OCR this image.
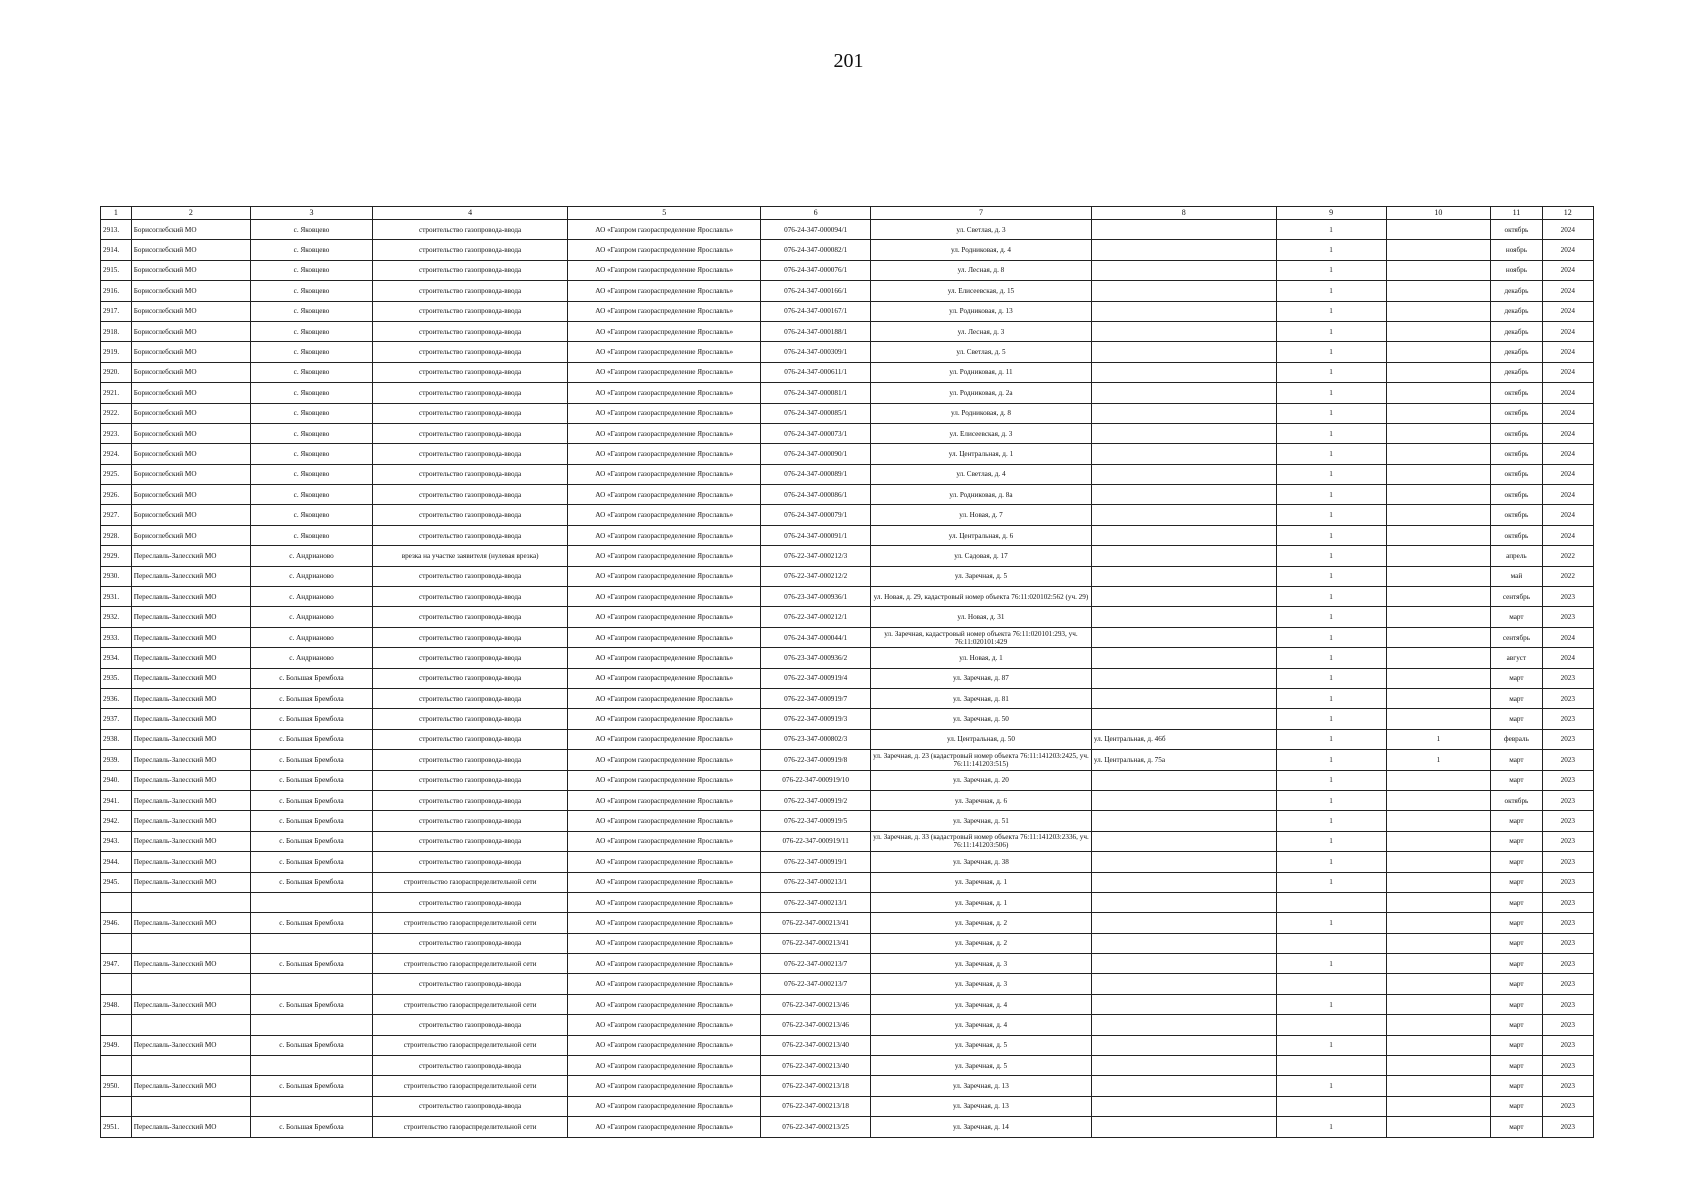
201
1	2	3	4	5	6	7	8	9	10	11	12
2913.	Борисоглебский МО	с. Яковцево	строительство газопровода-ввода	АО «Газпром газораспределение Ярославль»	076-24-347-000094/1	ул. Светлая, д. 3		1		октябрь	2024
2914.	Борисоглебский МО	с. Яковцево	строительство газопровода-ввода	АО «Газпром газораспределение Ярославль»	076-24-347-000082/1	ул. Родниковая, д. 4		1		ноябрь	2024
2915.	Борисоглебский МО	с. Яковцево	строительство газопровода-ввода	АО «Газпром газораспределение Ярославль»	076-24-347-000076/1	ул. Лесная, д. 8		1		ноябрь	2024
2916.	Борисоглебский МО	с. Яковцево	строительство газопровода-ввода	АО «Газпром газораспределение Ярославль»	076-24-347-000166/1	ул. Елисеевская, д. 15		1		декабрь	2024
2917.	Борисоглебский МО	с. Яковцево	строительство газопровода-ввода	АО «Газпром газораспределение Ярославль»	076-24-347-000167/1	ул. Родниковая, д. 13		1		декабрь	2024
2918.	Борисоглебский МО	с. Яковцево	строительство газопровода-ввода	АО «Газпром газораспределение Ярославль»	076-24-347-000188/1	ул. Лесная, д. 3		1		декабрь	2024
2919.	Борисоглебский МО	с. Яковцево	строительство газопровода-ввода	АО «Газпром газораспределение Ярославль»	076-24-347-000309/1	ул. Светлая, д. 5		1		декабрь	2024
2920.	Борисоглебский МО	с. Яковцево	строительство газопровода-ввода	АО «Газпром газораспределение Ярославль»	076-24-347-000611/1	ул. Родниковая, д. 11		1		декабрь	2024
2921.	Борисоглебский МО	с. Яковцево	строительство газопровода-ввода	АО «Газпром газораспределение Ярославль»	076-24-347-000081/1	ул. Родниковая, д. 2а		1		октябрь	2024
2922.	Борисоглебский МО	с. Яковцево	строительство газопровода-ввода	АО «Газпром газораспределение Ярославль»	076-24-347-000085/1	ул. Родниковая, д. 8		1		октябрь	2024
2923.	Борисоглебский МО	с. Яковцево	строительство газопровода-ввода	АО «Газпром газораспределение Ярославль»	076-24-347-000073/1	ул. Елисеевская, д. 3		1		октябрь	2024
2924.	Борисоглебский МО	с. Яковцево	строительство газопровода-ввода	АО «Газпром газораспределение Ярославль»	076-24-347-000090/1	ул. Центральная, д. 1		1		октябрь	2024
2925.	Борисоглебский МО	с. Яковцево	строительство газопровода-ввода	АО «Газпром газораспределение Ярославль»	076-24-347-000089/1	ул. Светлая, д. 4		1		октябрь	2024
2926.	Борисоглебский МО	с. Яковцево	строительство газопровода-ввода	АО «Газпром газораспределение Ярославль»	076-24-347-000086/1	ул. Родниковая, д. 8а		1		октябрь	2024
2927.	Борисоглебский МО	с. Яковцево	строительство газопровода-ввода	АО «Газпром газораспределение Ярославль»	076-24-347-000079/1	ул. Новая, д. 7		1		октябрь	2024
2928.	Борисоглебский МО	с. Яковцево	строительство газопровода-ввода	АО «Газпром газораспределение Ярославль»	076-24-347-000091/1	ул. Центральная, д. 6		1		октябрь	2024
2929.	Переславль-Залесский МО	с. Андрианово	врезка на участке заявителя (нулевая врезка)	АО «Газпром газораспределение Ярославль»	076-22-347-000212/3	ул. Садовая, д. 17		1		апрель	2022
2930.	Переславль-Залесский МО	с. Андрианово	строительство газопровода-ввода	АО «Газпром газораспределение Ярославль»	076-22-347-000212/2	ул. Заречная, д. 5		1		май	2022
2931.	Переславль-Залесский МО	с. Андрианово	строительство газопровода-ввода	АО «Газпром газораспределение Ярославль»	076-23-347-000936/1	ул. Новая, д. 29, кадастровый номер объекта 76:11:020102:562 (уч. 29)		1		сентябрь	2023
2932.	Переславль-Залесский МО	с. Андрианово	строительство газопровода-ввода	АО «Газпром газораспределение Ярославль»	076-22-347-000212/1	ул. Новая, д. 31		1		март	2023
2933.	Переславль-Залесский МО	с. Андрианово	строительство газопровода-ввода	АО «Газпром газораспределение Ярославль»	076-24-347-000044/1	ул. Заречная, кадастровый номер объекта 76:11:020101:293, уч. 76:11:020101:429		1		сентябрь	2024
2934.	Переславль-Залесский МО	с. Андрианово	строительство газопровода-ввода	АО «Газпром газораспределение Ярославль»	076-23-347-000936/2	ул. Новая, д. 1		1		август	2024
2935.	Переславль-Залесский МО	с. Большая Брембола	строительство газопровода-ввода	АО «Газпром газораспределение Ярославль»	076-22-347-000919/4	ул. Заречная, д. 87		1		март	2023
2936.	Переславль-Залесский МО	с. Большая Брембола	строительство газопровода-ввода	АО «Газпром газораспределение Ярославль»	076-22-347-000919/7	ул. Заречная, д. 81		1		март	2023
2937.	Переславль-Залесский МО	с. Большая Брембола	строительство газопровода-ввода	АО «Газпром газораспределение Ярославль»	076-22-347-000919/3	ул. Заречная, д. 50		1		март	2023
2938.	Переславль-Залесский МО	с. Большая Брембола	строительство газопровода-ввода	АО «Газпром газораспределение Ярославль»	076-23-347-000802/3	ул. Центральная, д. 50	ул. Центральная, д. 46б	1	1	февраль	2023
2939.	Переславль-Залесский МО	с. Большая Брембола	строительство газопровода-ввода	АО «Газпром газораспределение Ярославль»	076-22-347-000919/8	ул. Заречная, д. 23 (кадастровый номер объекта 76:11:141203:2425, уч. 76:11:141203:515)	ул. Центральная, д. 75а	1	1	март	2023
2940.	Переславль-Залесский МО	с. Большая Брембола	строительство газопровода-ввода	АО «Газпром газораспределение Ярославль»	076-22-347-000919/10	ул. Заречная, д. 20		1		март	2023
2941.	Переславль-Залесский МО	с. Большая Брембола	строительство газопровода-ввода	АО «Газпром газораспределение Ярославль»	076-22-347-000919/2	ул. Заречная, д. 6		1		октябрь	2023
2942.	Переславль-Залесский МО	с. Большая Брембола	строительство газопровода-ввода	АО «Газпром газораспределение Ярославль»	076-22-347-000919/5	ул. Заречная, д. 51		1		март	2023
2943.	Переславль-Залесский МО	с. Большая Брембола	строительство газопровода-ввода	АО «Газпром газораспределение Ярославль»	076-22-347-000919/11	ул. Заречная, д. 33 (кадастровый номер объекта 76:11:141203:2336, уч. 76:11:141203:506)		1		март	2023
2944.	Переславль-Залесский МО	с. Большая Брембола	строительство газопровода-ввода	АО «Газпром газораспределение Ярославль»	076-22-347-000919/1	ул. Заречная, д. 38		1		март	2023
2945.	Переславль-Залесский МО	с. Большая Брембола	строительство газораспределительной сети	АО «Газпром газораспределение Ярославль»	076-22-347-000213/1	ул. Заречная, д. 1		1		март	2023
			строительство газопровода-ввода	АО «Газпром газораспределение Ярославль»	076-22-347-000213/1	ул. Заречная, д. 1				март	2023
2946.	Переславль-Залесский МО	с. Большая Брембола	строительство газораспределительной сети	АО «Газпром газораспределение Ярославль»	076-22-347-000213/41	ул. Заречная, д. 2		1		март	2023
			строительство газопровода-ввода	АО «Газпром газораспределение Ярославль»	076-22-347-000213/41	ул. Заречная, д. 2				март	2023
2947.	Переславль-Залесский МО	с. Большая Брембола	строительство газораспределительной сети	АО «Газпром газораспределение Ярославль»	076-22-347-000213/7	ул. Заречная, д. 3		1		март	2023
			строительство газопровода-ввода	АО «Газпром газораспределение Ярославль»	076-22-347-000213/7	ул. Заречная, д. 3				март	2023
2948.	Переславль-Залесский МО	с. Большая Брембола	строительство газораспределительной сети	АО «Газпром газораспределение Ярославль»	076-22-347-000213/46	ул. Заречная, д. 4		1		март	2023
			строительство газопровода-ввода	АО «Газпром газораспределение Ярославль»	076-22-347-000213/46	ул. Заречная, д. 4				март	2023
2949.	Переславль-Залесский МО	с. Большая Брембола	строительство газораспределительной сети	АО «Газпром газораспределение Ярославль»	076-22-347-000213/40	ул. Заречная, д. 5		1		март	2023
			строительство газопровода-ввода	АО «Газпром газораспределение Ярославль»	076-22-347-000213/40	ул. Заречная, д. 5				март	2023
2950.	Переславль-Залесский МО	с. Большая Брембола	строительство газораспределительной сети	АО «Газпром газораспределение Ярославль»	076-22-347-000213/18	ул. Заречная, д. 13		1		март	2023
			строительство газопровода-ввода	АО «Газпром газораспределение Ярославль»	076-22-347-000213/18	ул. Заречная, д. 13				март	2023
2951.	Переславль-Залесский МО	с. Большая Брембола	строительство газораспределительной сети	АО «Газпром газораспределение Ярославль»	076-22-347-000213/25	ул. Заречная, д. 14		1		март	2023
